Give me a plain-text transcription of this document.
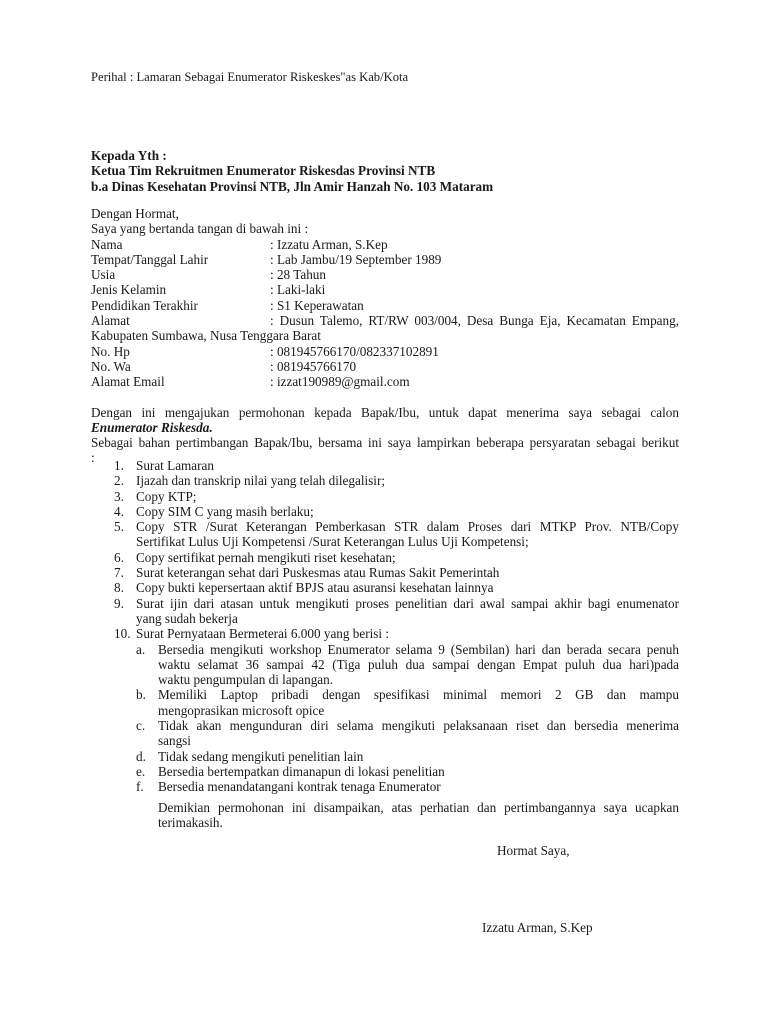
Perihal : Lamaran Sebagai Enumerator Riskeskes"as Kab/Kota
Kepada Yth :
Ketua Tim Rekruitmen Enumerator Riskesdas Provinsi NTB
b.a Dinas Kesehatan Provinsi NTB, Jln Amir Hanzah No. 103 Mataram
Dengan Hormat,
Saya yang bertanda tangan di bawah ini :
Nama	: Izzatu Arman, S.Kep
Tempat/Tanggal Lahir	: Lab Jambu/19 September 1989
Usia	: 28 Tahun
Jenis Kelamin	: Laki-laki
Pendidikan Terakhir	: S1 Keperawatan
Alamat	: Dusun Talemo, RT/RW 003/004, Desa Bunga Eja, Kecamatan Empang,
Kabupaten Sumbawa, Nusa Tenggara Barat
No. Hp	: 081945766170/082337102891
No. Wa	: 081945766170
Alamat Email	: izzat190989@gmail.com
Dengan ini mengajukan permohonan kepada Bapak/Ibu, untuk dapat menerima saya sebagai calon
Enumerator Riskesda.
Sebagai bahan pertimbangan Bapak/Ibu, bersama ini saya lampirkan beberapa persyaratan sebagai berikut
:
1. Surat Lamaran
2. Ijazah dan transkrip nilai yang telah dilegalisir;
3. Copy KTP;
4. Copy SIM C yang masih berlaku;
5. Copy STR /Surat Keterangan Pemberkasan STR dalam Proses dari MTKP Prov. NTB/Copy
Sertifikat Lulus Uji Kompetensi /Surat Keterangan Lulus Uji Kompetensi;
6. Copy sertifikat pernah mengikuti riset kesehatan;
7. Surat keterangan sehat dari Puskesmas atau Rumas Sakit Pemerintah
8. Copy bukti kepersertaan aktif BPJS atau asuransi kesehatan lainnya
9. Surat ijin dari atasan untuk mengikuti proses penelitian dari awal sampai akhir bagi enumenator
yang sudah bekerja
10. Surat Pernyataan Bermeterai 6.000 yang berisi :
a. Bersedia mengikuti workshop Enumerator selama 9 (Sembilan) hari dan berada secara penuh
waktu selamat 36 sampai 42 (Tiga puluh dua sampai dengan Empat puluh dua hari)pada
waktu pengumpulan di lapangan.
b. Memiliki Laptop pribadi dengan spesifikasi minimal memori 2 GB dan mampu
mengoprasikan microsoft opice
c. Tidak akan mengunduran diri selama mengikuti pelaksanaan riset dan bersedia menerima
sangsi
d. Tidak sedang mengikuti penelitian lain
e. Bersedia bertempatkan dimanapun di lokasi penelitian
f.	Bersedia menandatangani kontrak tenaga Enumerator
Demikian permohonan ini disampaikan, atas perhatian dan pertimbangannya saya ucapkan
terimakasih.
Hormat Saya,
Izzatu Arman, S.Kep
